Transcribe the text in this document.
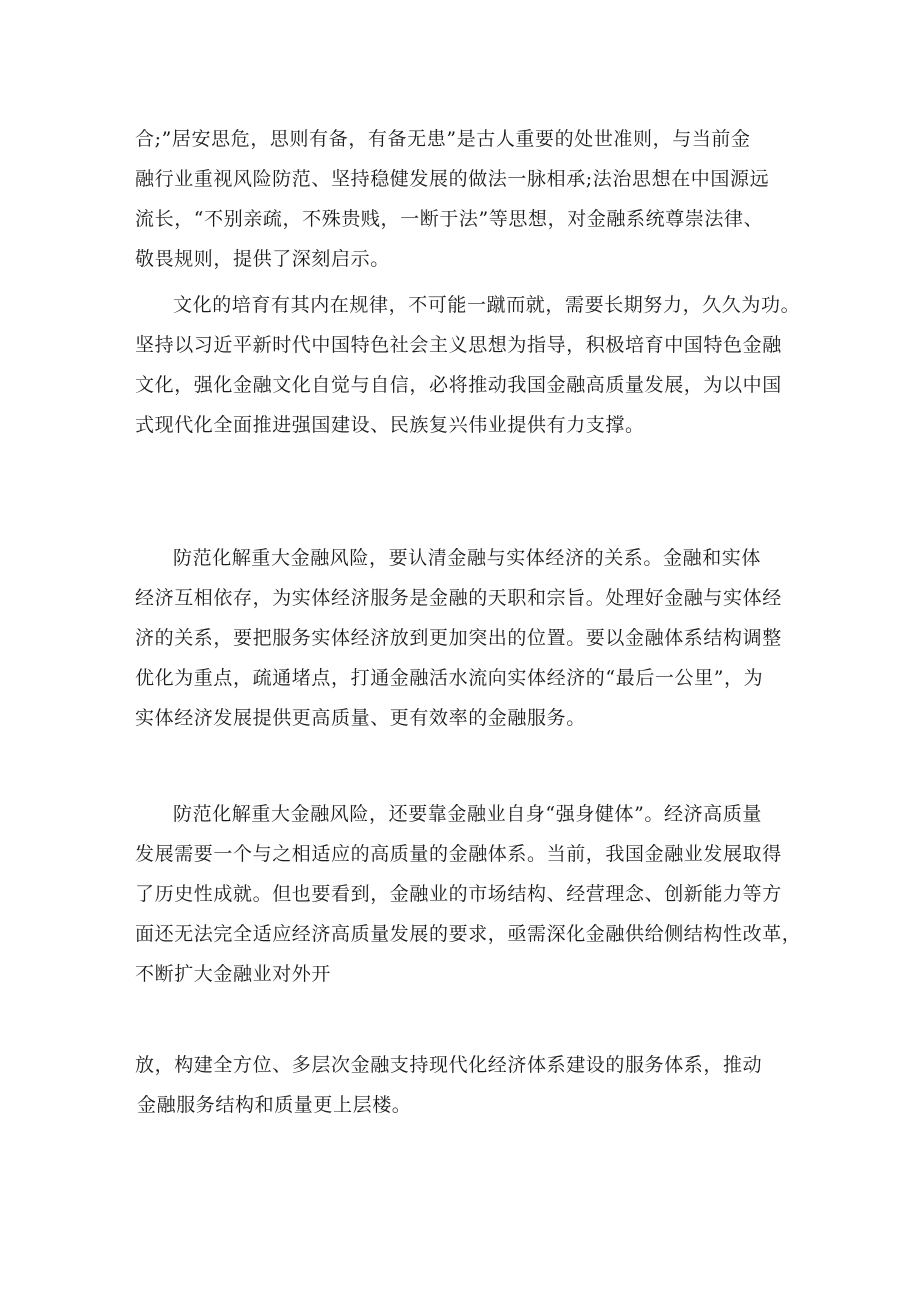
合;”居安思危，思则有备，有备无患”是古人重要的处世准则，与当前金
融行业重视风险防范、坚持稳健发展的做法一脉相承;法治思想在中国源远
流长，“不别亲疏，不殊贵贱，一断于法”等思想，对金融系统尊崇法律、
敬畏规则，提供了深刻启示。
文化的培育有其内在规律，不可能一蹴而就，需要长期努力，久久为功。
坚持以习近平新时代中国特色社会主义思想为指导，积极培育中国特色金融
文化，强化金融文化自觉与自信，必将推动我国金融高质量发展，为以中国
式现代化全面推进强国建设、民族复兴伟业提供有力支撑。
防范化解重大金融风险，要认清金融与实体经济的关系。金融和实体
经济互相依存，为实体经济服务是金融的天职和宗旨。处理好金融与实体经
济的关系，要把服务实体经济放到更加突出的位置。要以金融体系结构调整
优化为重点，疏通堵点，打通金融活水流向实体经济的“最后一公里”，为
实体经济发展提供更高质量、更有效率的金融服务。
防范化解重大金融风险，还要靠金融业自身“强身健体”。经济高质量
发展需要一个与之相适应的高质量的金融体系。当前，我国金融业发展取得
了历史性成就。但也要看到，金融业的市场结构、经营理念、创新能力等方
面还无法完全适应经济高质量发展的要求，亟需深化金融供给侧结构性改革，
不断扩大金融业对外开
放，构建全方位、多层次金融支持现代化经济体系建设的服务体系，推动
金融服务结构和质量更上层楼。
